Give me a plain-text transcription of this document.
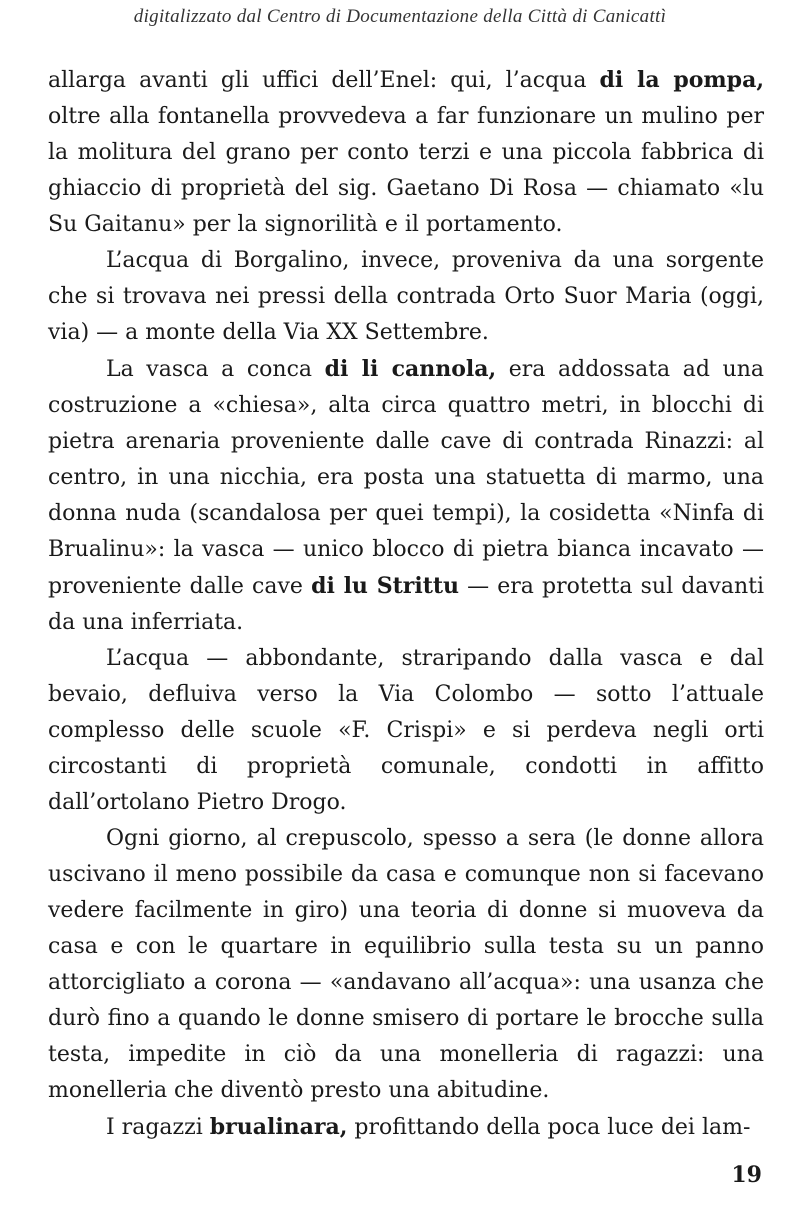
digitalizzato dal Centro di Documentazione della Città di Canicattì

allarga avanti gli uffici dell’Enel: qui, l’acqua di la pompa, oltre alla fontanella provvedeva a far funzionare un mulino per la molitura del grano per conto terzi e una piccola fabbrica di ghiaccio di proprietà del sig. Gaetano Di Rosa — chiamato «lu Su Gaitanu» per la signorilità e il portamento.

L’acqua di Borgalino, invece, proveniva da una sorgente che si trovava nei pressi della contrada Orto Suor Maria (oggi, via) — a monte della Via XX Settembre.

La vasca a conca di li cannola, era addossata ad una costruzione a «chiesa», alta circa quattro metri, in blocchi di pietra arenaria proveniente dalle cave di contrada Rinazzi: al centro, in una nicchia, era posta una statuetta di marmo, una donna nuda (scandalosa per quei tempi), la cosidetta «Ninfa di Brualinu»: la vasca — unico blocco di pietra bianca incavato — proveniente dalle cave di lu Strittu — era protetta sul davanti da una inferriata.

L’acqua — abbondante, straripando dalla vasca e dal bevaio, defluiva verso la Via Colombo — sotto l’attuale complesso delle scuole «F. Crispi» e si perdeva negli orti circostanti di proprietà comunale, condotti in affitto dall’ortolano Pietro Drogo.

Ogni giorno, al crepuscolo, spesso a sera (le donne allora uscivano il meno possibile da casa e comunque non si facevano vedere facilmente in giro) una teoria di donne si muoveva da casa e con le quartare in equilibrio sulla testa su un panno attorcigliato a corona — «andavano all’acqua»: una usanza che durò fino a quando le donne smisero di portare le brocche sulla testa, impedite in ciò da una monelleria di ragazzi: una monelleria che diventò presto una abitudine.

I ragazzi brualinara, profittando della poca luce dei lam-

19
